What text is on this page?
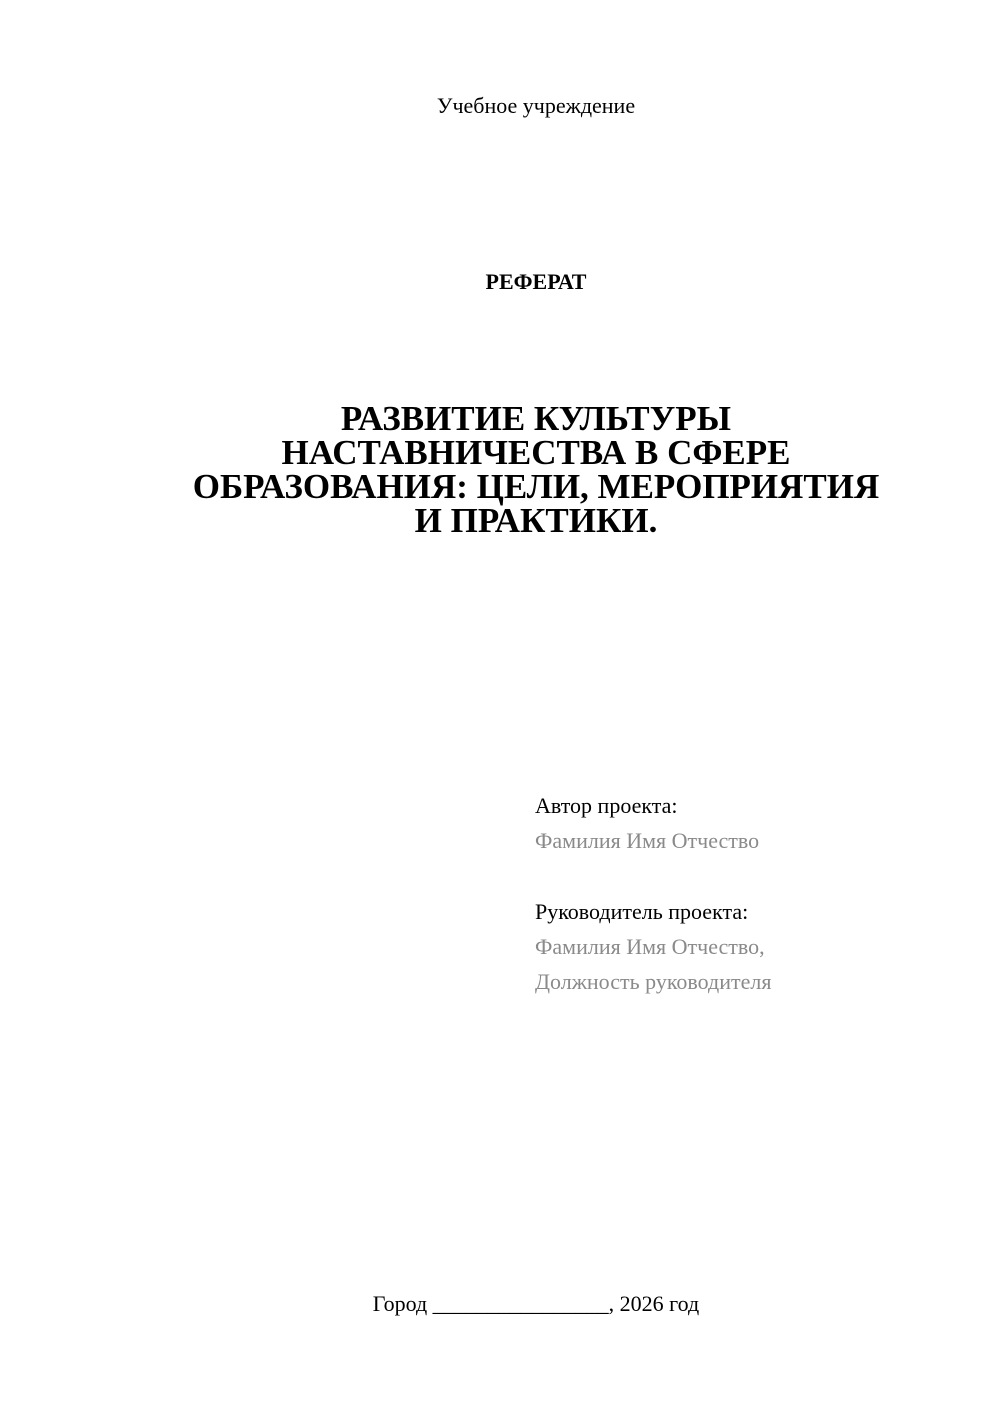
Учебное учреждение
РЕФЕРАТ
РАЗВИТИЕ КУЛЬТУРЫ
НАСТАВНИЧЕСТВА В СФЕРЕ
ОБРАЗОВАНИЯ: ЦЕЛИ, МЕРОПРИЯТИЯ
И ПРАКТИКИ.
Автор проекта:
Фамилия Имя Отчество
Руководитель проекта:
Фамилия Имя Отчество,
Должность руководителя
Город ________________, 2026 год
